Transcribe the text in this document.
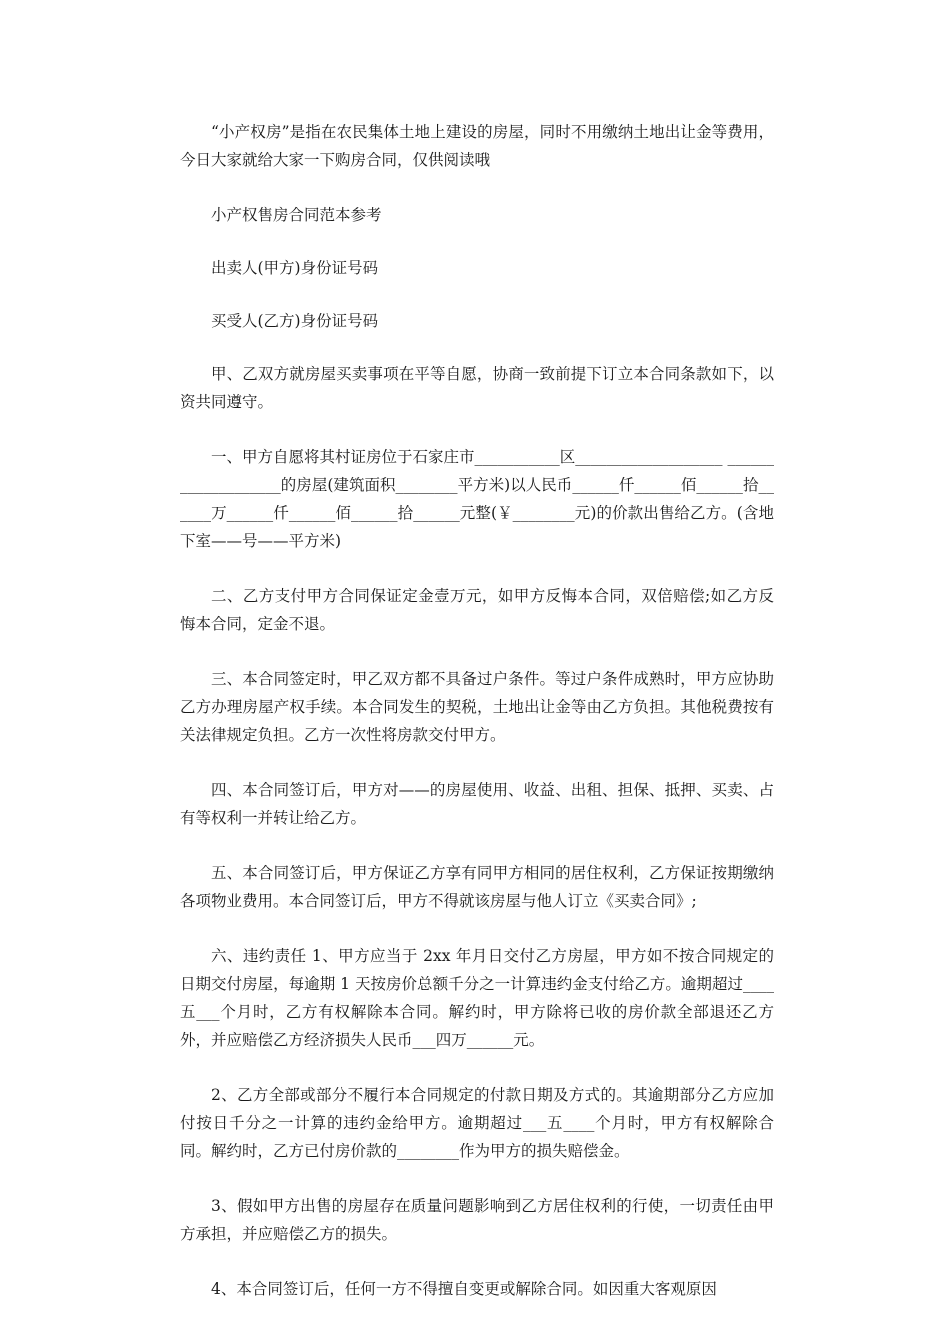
“小产权房”是指在农民集体土地上建设的房屋，同时不用缴纳土地出让金等费用，今日大家就给大家一下购房合同，仅供阅读哦

小产权售房合同范本参考

出卖人(甲方)身份证号码

买受人(乙方)身份证号码

甲、乙双方就房屋买卖事项在平等自愿，协商一致前提下订立本合同条款如下，以资共同遵守。

一、甲方自愿将其村证房位于石家庄市___________区___________________ ___________________的房屋(建筑面积________平方米)以人民币______仟______佰______拾______万______仟______佰______拾______元整(￥________元)的价款出售给乙方。(含地下室——号——平方米)

二、乙方支付甲方合同保证定金壹万元，如甲方反悔本合同，双倍赔偿;如乙方反悔本合同，定金不退。

三、本合同签定时，甲乙双方都不具备过户条件。等过户条件成熟时，甲方应协助乙方办理房屋产权手续。本合同发生的契税，土地出让金等由乙方负担。其他税费按有关法律规定负担。乙方一次性将房款交付甲方。

四、本合同签订后，甲方对——的房屋使用、收益、出租、担保、抵押、买卖、占有等权利一并转让给乙方。

五、本合同签订后，甲方保证乙方享有同甲方相同的居住权利，乙方保证按期缴纳各项物业费用。本合同签订后，甲方不得就该房屋与他人订立《买卖合同》;

六、违约责任 1、甲方应当于 2xx 年月日交付乙方房屋，甲方如不按合同规定的日期交付房屋，每逾期 1 天按房价总额千分之一计算违约金支付给乙方。逾期超过____五___个月时，乙方有权解除本合同。解约时，甲方除将已收的房价款全部退还乙方外，并应赔偿乙方经济损失人民币___四万______元。

2、乙方全部或部分不履行本合同规定的付款日期及方式的。其逾期部分乙方应加付按日千分之一计算的违约金给甲方。逾期超过___五____个月时，甲方有权解除合同。解约时，乙方已付房价款的________作为甲方的损失赔偿金。

3、假如甲方出售的房屋存在质量问题影响到乙方居住权利的行使，一切责任由甲方承担，并应赔偿乙方的损失。

4、本合同签订后，任何一方不得擅自变更或解除合同。如因重大客观原因
